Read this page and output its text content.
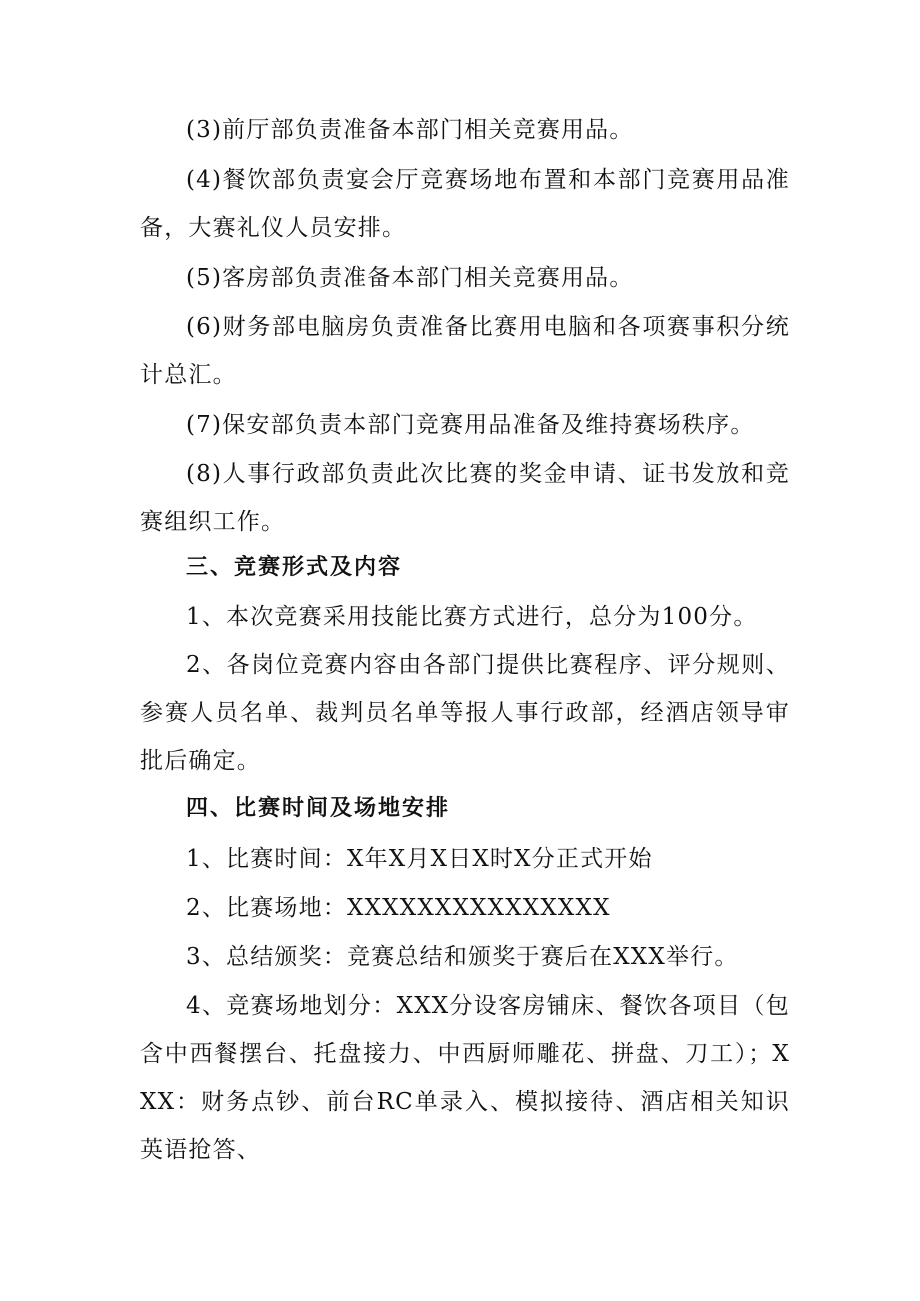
(3)前厅部负责准备本部门相关竞赛用品。

(4)餐饮部负责宴会厅竞赛场地布置和本部门竞赛用品准备，大赛礼仪人员安排。

(5)客房部负责准备本部门相关竞赛用品。

(6)财务部电脑房负责准备比赛用电脑和各项赛事积分统计总汇。

(7)保安部负责本部门竞赛用品准备及维持赛场秩序。

(8)人事行政部负责此次比赛的奖金申请、证书发放和竞赛组织工作。

三、竞赛形式及内容

1、本次竞赛采用技能比赛方式进行，总分为100分。

2、各岗位竞赛内容由各部门提供比赛程序、评分规则、参赛人员名单、裁判员名单等报人事行政部，经酒店领导审批后确定。

四、比赛时间及场地安排

1、比赛时间：X年X月X日X时X分正式开始

2、比赛场地：XXXXXXXXXXXXXXX

3、总结颁奖：竞赛总结和颁奖于赛后在XXX举行。

4、竞赛场地划分：XXX分设客房铺床、餐饮各项目（包含中西餐摆台、托盘接力、中西厨师雕花、拼盘、刀工）；XXX：财务点钞、前台RC单录入、模拟接待、酒店相关知识英语抢答、
